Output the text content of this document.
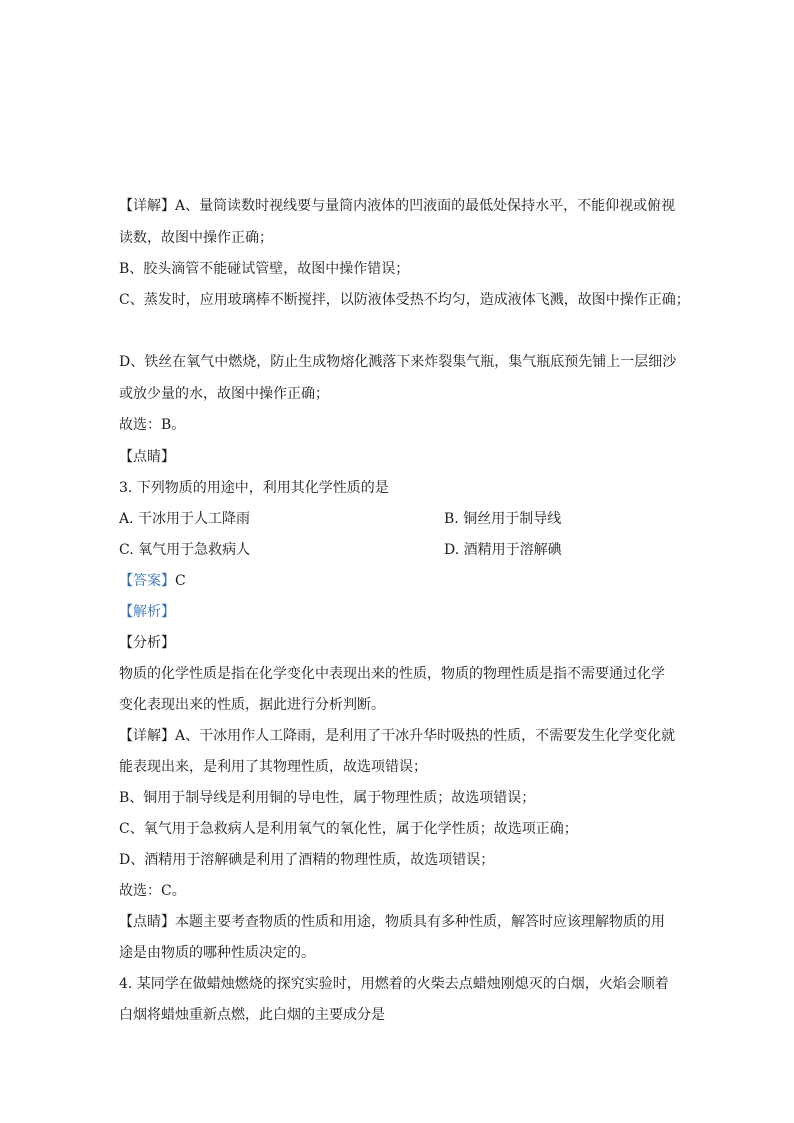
【详解】A、量筒读数时视线要与量筒内液体的凹液面的最低处保持水平，不能仰视或俯视

读数，故图中操作正确；

B、胶头滴管不能碰试管壁，故图中操作错误；

C、蒸发时，应用玻璃棒不断搅拌，以防液体受热不均匀，造成液体飞溅，故图中操作正确；

D、铁丝在氧气中燃烧，防止生成物熔化溅落下来炸裂集气瓶，集气瓶底预先铺上一层细沙

或放少量的水，故图中操作正确；

故选：B。

【点睛】

3. 下列物质的用途中，利用其化学性质的是

A. 干冰用于人工降雨	B. 铜丝用于制导线
C. 氧气用于急救病人	D. 酒精用于溶解碘

【答案】C

【解析】

【分析】

物质的化学性质是指在化学变化中表现出来的性质，物质的物理性质是指不需要通过化学

变化表现出来的性质，据此进行分析判断。

【详解】A、干冰用作人工降雨，是利用了干冰升华时吸热的性质，不需要发生化学变化就

能表现出来，是利用了其物理性质，故选项错误；

B、铜用于制导线是利用铜的导电性，属于物理性质；故选项错误；

C、氧气用于急救病人是利用氧气的氧化性，属于化学性质；故选项正确；

D、酒精用于溶解碘是利用了酒精的物理性质，故选项错误；

故选：C。

【点睛】本题主要考查物质的性质和用途，物质具有多种性质，解答时应该理解物质的用

途是由物质的哪种性质决定的。

4. 某同学在做蜡烛燃烧的探究实验时，用燃着的火柴去点蜡烛刚熄灭的白烟，火焰会顺着

白烟将蜡烛重新点燃，此白烟的主要成分是
